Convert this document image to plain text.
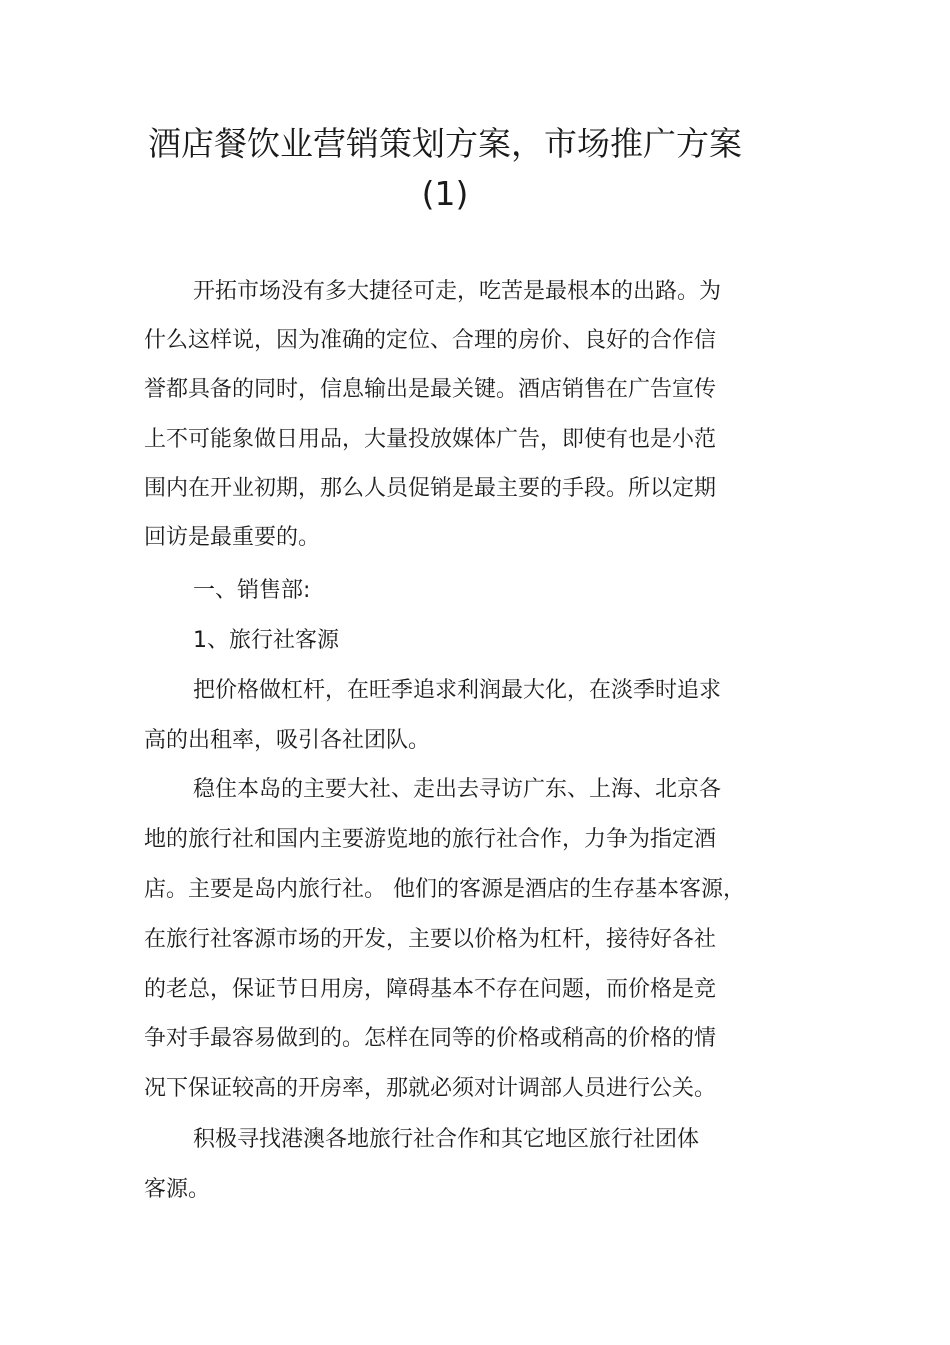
酒店餐饮业营销策划方案，市场推广方案
(1)
开拓市场没有多大捷径可走，吃苦是最根本的出路。为
什么这样说，因为准确的定位、合理的房价、良好的合作信
誉都具备的同时，信息输出是最关键。酒店销售在广告宣传
上不可能象做日用品，大量投放媒体广告，即使有也是小范
围内在开业初期，那么人员促销是最主要的手段。所以定期
回访是最重要的。
一、销售部:
1、旅行社客源
把价格做杠杆，在旺季追求利润最大化，在淡季时追求
高的出租率，吸引各社团队。
稳住本岛的主要大社、走出去寻访广东、上海、北京各
地的旅行社和国内主要游览地的旅行社合作，力争为指定酒
店。主要是岛内旅行社。 他们的客源是酒店的生存基本客源，
在旅行社客源市场的开发，主要以价格为杠杆，接待好各社
的老总，保证节日用房，障碍基本不存在问题，而价格是竞
争对手最容易做到的。怎样在同等的价格或稍高的价格的情
况下保证较高的开房率，那就必须对计调部人员进行公关。
积极寻找港澳各地旅行社合作和其它地区旅行社团体
客源。
